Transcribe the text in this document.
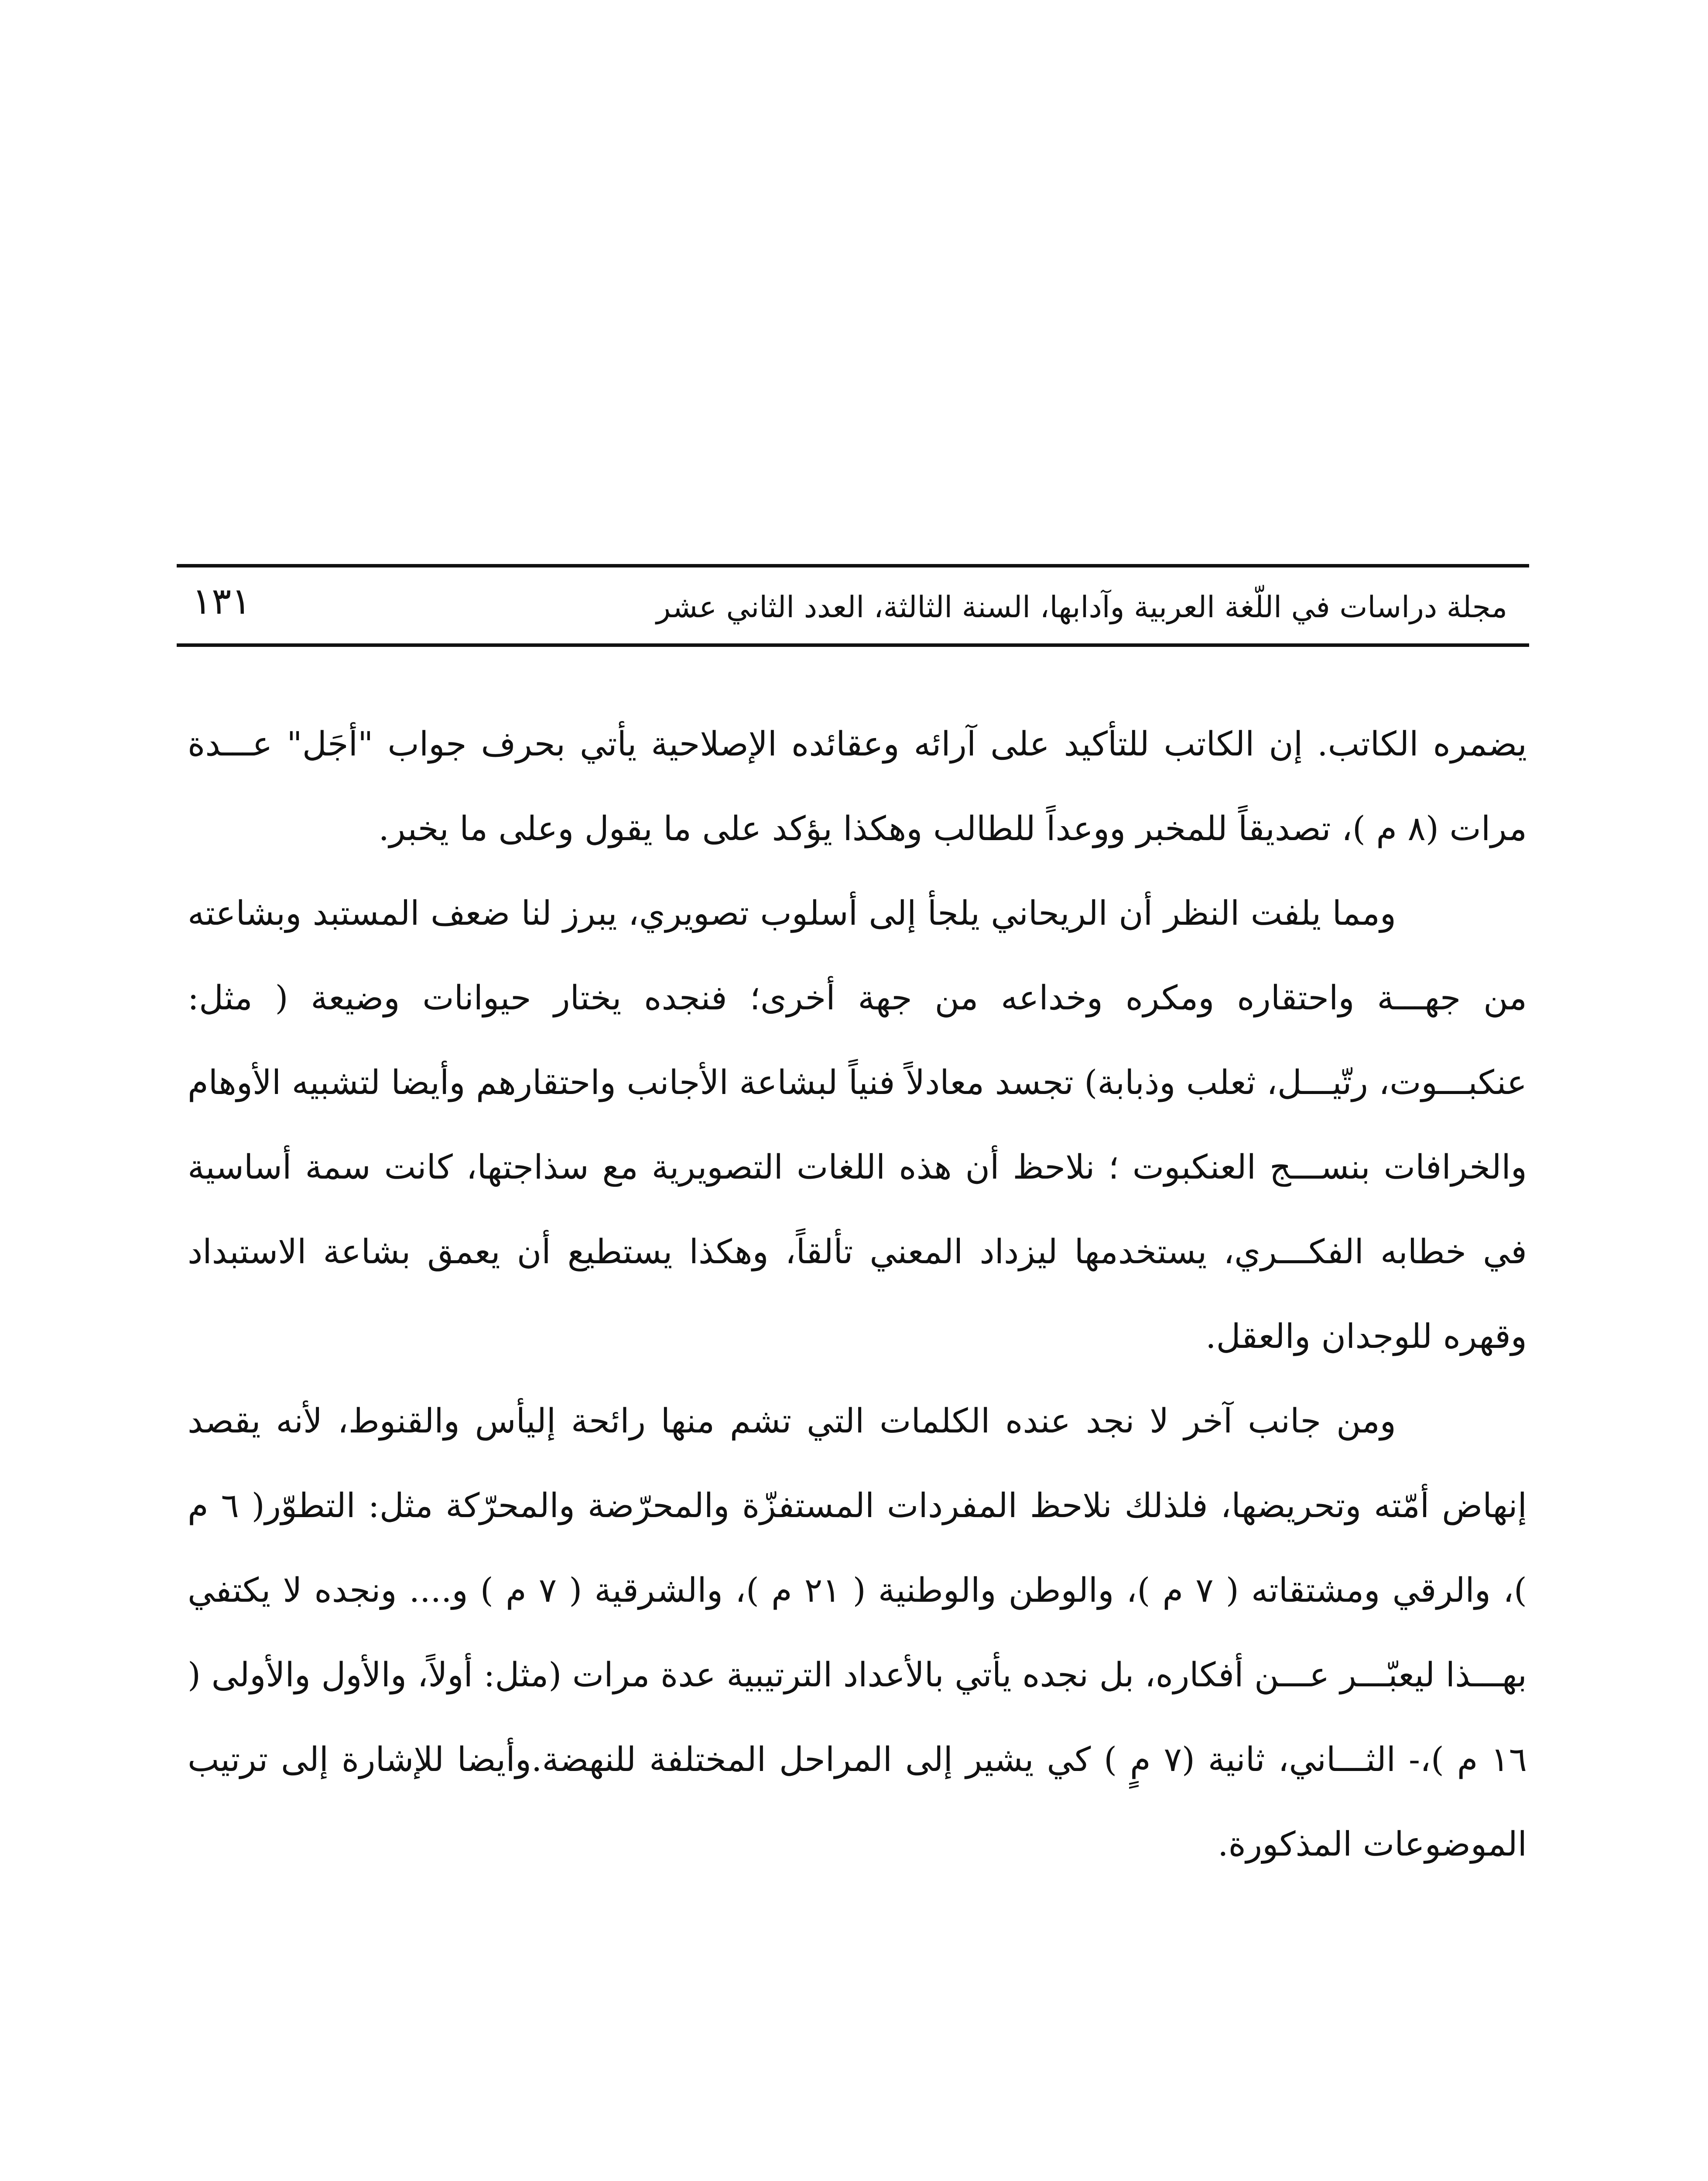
١٣١	مجلة دراسات في اللّغة العربية وآدابها، السنة الثالثة، العدد الثاني عشر

يضمره الكاتب. إن الكاتب للتأكيد على آرائه وعقائده الإصلاحية يأتي بحرف جواب "أجَل" عـــدة مرات (٨ م )، تصديقاً للمخبر ووعداً للطالب وهكذا يؤكد على ما يقول وعلى ما يخبر.

ومما يلفت النظر أن الريحاني يلجأ إلى أسلوب تصويري، يبرز لنا ضعف المستبد وبشاعته من جهـــة واحتقاره ومكره وخداعه من جهة أخرى؛ فنجده يختار حيوانات وضيعة ( مثل: عنكبـــوت، رتّيـــل، ثعلب وذبابة) تجسد معادلاً فنياً لبشاعة الأجانب واحتقارهم وأيضا لتشبيه الأوهام والخرافات بنســـج العنكبوت ؛ نلاحظ أن هذه اللغات التصويرية مع سذاجتها، كانت سمة أساسية في خطابه الفكـــري، يستخدمها ليزداد المعني تألقاً، وهكذا يستطيع أن يعمق بشاعة الاستبداد وقهره للوجدان والعقل.

ومن جانب آخر لا نجد عنده الكلمات التي تشم منها رائحة إليأس والقنوط، لأنه يقصد إنهاض أمّته وتحريضها، فلذلك نلاحظ المفردات المستفزّة والمحرّضة والمحرّكة مثل: التطوّر( ٦ م )، والرقي ومشتقاته ( ٧ م )، والوطن والوطنية ( ٢١ م )، والشرقية ( ٧ م ) و.... ونجده لا يكتفي بهـــذا ليعبّـــر عـــن أفكاره، بل نجده يأتي بالأعداد الترتيبية عدة مرات (مثل: أولاً، والأول والأولى ( ١٦ م )،- الثـــاني، ثانية (٧ مٍ ) كي يشير إلى المراحل المختلفة للنهضة.وأيضا للإشارة إلى ترتيب الموضوعات المذكورة.
